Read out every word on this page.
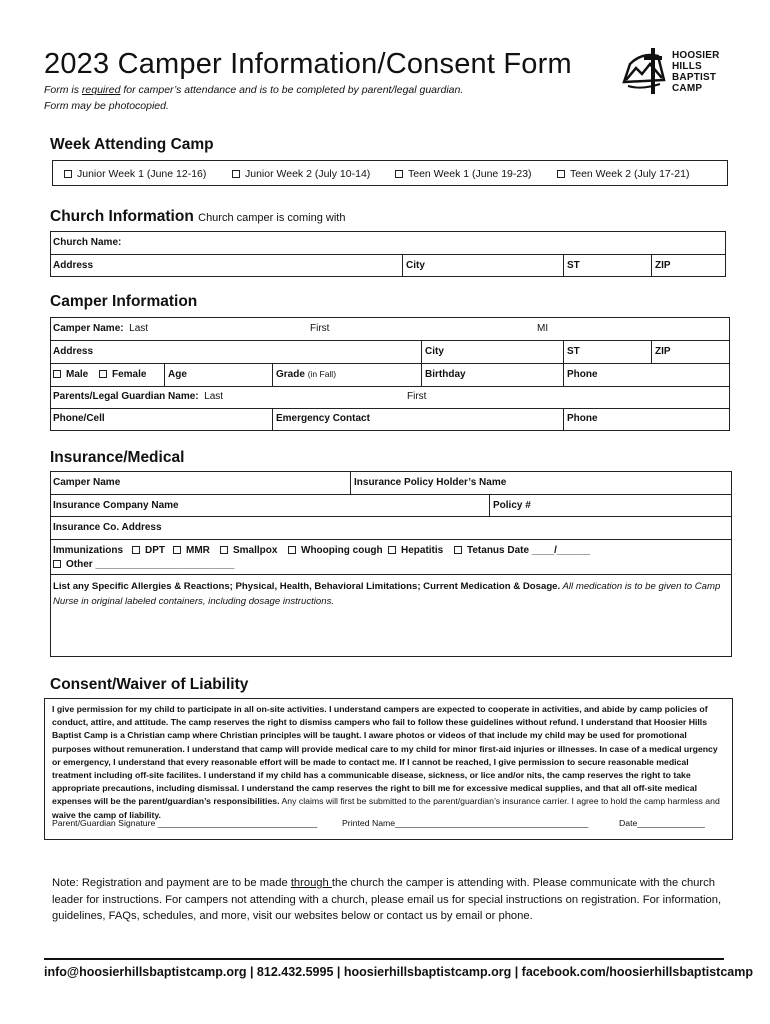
2023 Camper Information/Consent Form
Form is required for camper’s attendance and is to be completed by parent/legal guardian.
Form may be photocopied.
HOOSIER
HILLS
BAPTIST
CAMP
Week Attending Camp
Junior Week 1 (June 12-16)	Junior Week 2 (July 10-14)	Teen Week 1 (June 19-23)	Teen Week 2 (July 17-21)
Church Information Church camper is coming with
Church Name:
Address	City	ST	ZIP
Camper Information
Camper Name: Last	First	MI
Address	City	ST	ZIP
Male	Female Age	Grade (in Fall)	Birthday	Phone
Parents/Legal Guardian Name: Last	First
Phone/Cell	Emergency Contact	Phone
Insurance/Medical
Camper Name	Insurance Policy Holder’s Name
Insurance Company Name	Policy #
Insurance Co. Address
Immunizations	DPT	MMR	Smallpox	Whooping cough	Hepatitis	Tetanus Date ____/______
Other _________________________
List any Specific Allergies & Reactions; Physical, Health, Behavioral Limitations; Current Medication & Dosage. All medication is to be given to Camp Nurse in original labeled containers, including dosage instructions.
Consent/Waiver of Liability
I give permission for my child to participate in all on-site activities. I understand campers are expected to cooperate in activities, and abide by camp policies of conduct, attire, and attitude. The camp reserves the right to dismiss campers who fail to follow these guidelines without refund. I understand that Hoosier Hills Baptist Camp is a Christian camp where Christian principles will be taught. I aware photos or videos of that include my child may be used for promotional purposes without remuneration. I understand that camp will provide medical care to my child for minor first-aid injuries or illnesses. In case of a medical urgency or emergency, I understand that every reasonable effort will be made to contact me. If I cannot be reached, I give permission to secure reasonable medical treatment including off-site facilites. I understand if my child has a communicable disease, sickness, or lice and/or nits, the camp reserves the right to take appropriate precautions, including dismissal. I understand the camp reserves the right to bill me for excessive medical supplies, and that all off-site medical expenses will be the parent/guardian’s responsibilities. Any claims will first be submitted to the parent/guardian’s insurance carrier. I agree to hold the camp harmless and waive the camp of liability.
Parent/Guardian Signature _________________________________	Printed Name________________________________________	Date______________
Note: Registration and payment are to be made through the church the camper is attending with. Please communicate with the church leader for instructions. For campers not attending with a church, please email us for special instructions on registration. For information, guidelines, FAQs, schedules, and more, visit our websites below or contact us by email or phone.
info@hoosierhillsbaptistcamp.org | 812.432.5995 | hoosierhillsbaptistcamp.org | facebook.com/hoosierhillsbaptistcamp
